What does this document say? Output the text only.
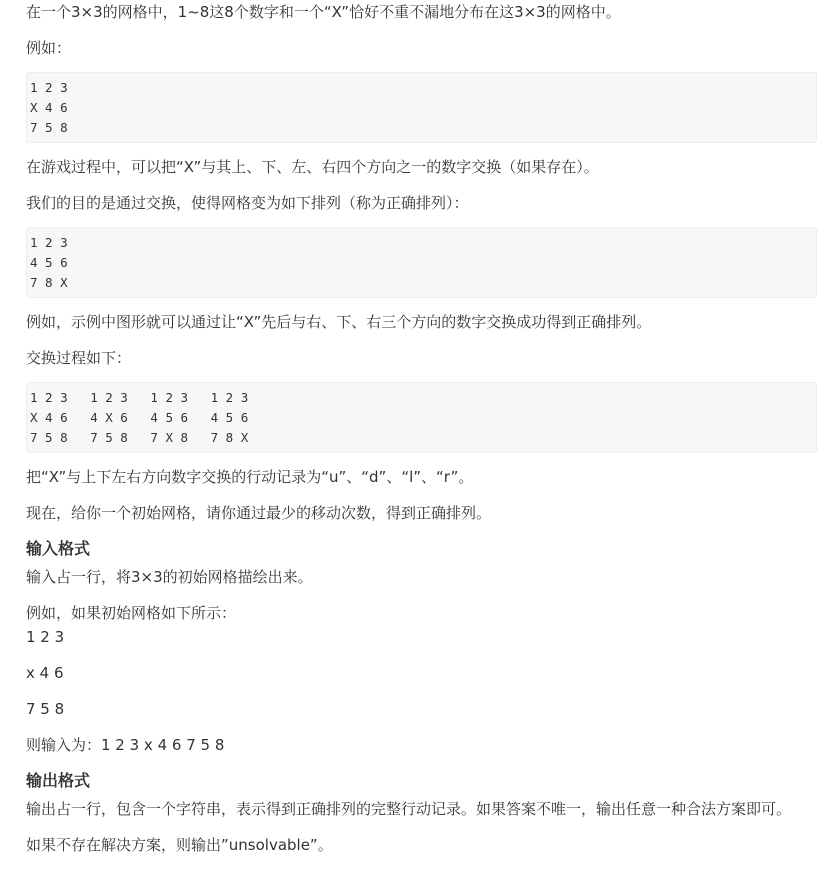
在一个3×3的网格中，1~8这8个数字和一个“X”恰好不重不漏地分布在这3×3的网格中。

例如：

1 2 3
X 4 6
7 5 8

在游戏过程中，可以把“X”与其上、下、左、右四个方向之一的数字交换（如果存在）。

我们的目的是通过交换，使得网格变为如下排列（称为正确排列）：

1 2 3
4 5 6
7 8 X

例如，示例中图形就可以通过让“X”先后与右、下、右三个方向的数字交换成功得到正确排列。

交换过程如下：

1 2 3   1 2 3   1 2 3   1 2 3
X 4 6   4 X 6   4 5 6   4 5 6
7 5 8   7 5 8   7 X 8   7 8 X

把“X”与上下左右方向数字交换的行动记录为“u”、“d”、“l”、“r”。

现在，给你一个初始网格，请你通过最少的移动次数，得到正确排列。

输入格式

输入占一行，将3×3的初始网格描绘出来。

例如，如果初始网格如下所示：

1 2 3

x 4 6

7 5 8

则输入为：1 2 3 x 4 6 7 5 8

输出格式

输出占一行，包含一个字符串，表示得到正确排列的完整行动记录。如果答案不唯一，输出任意一种合法方案即可。

如果不存在解决方案，则输出”unsolvable”。
